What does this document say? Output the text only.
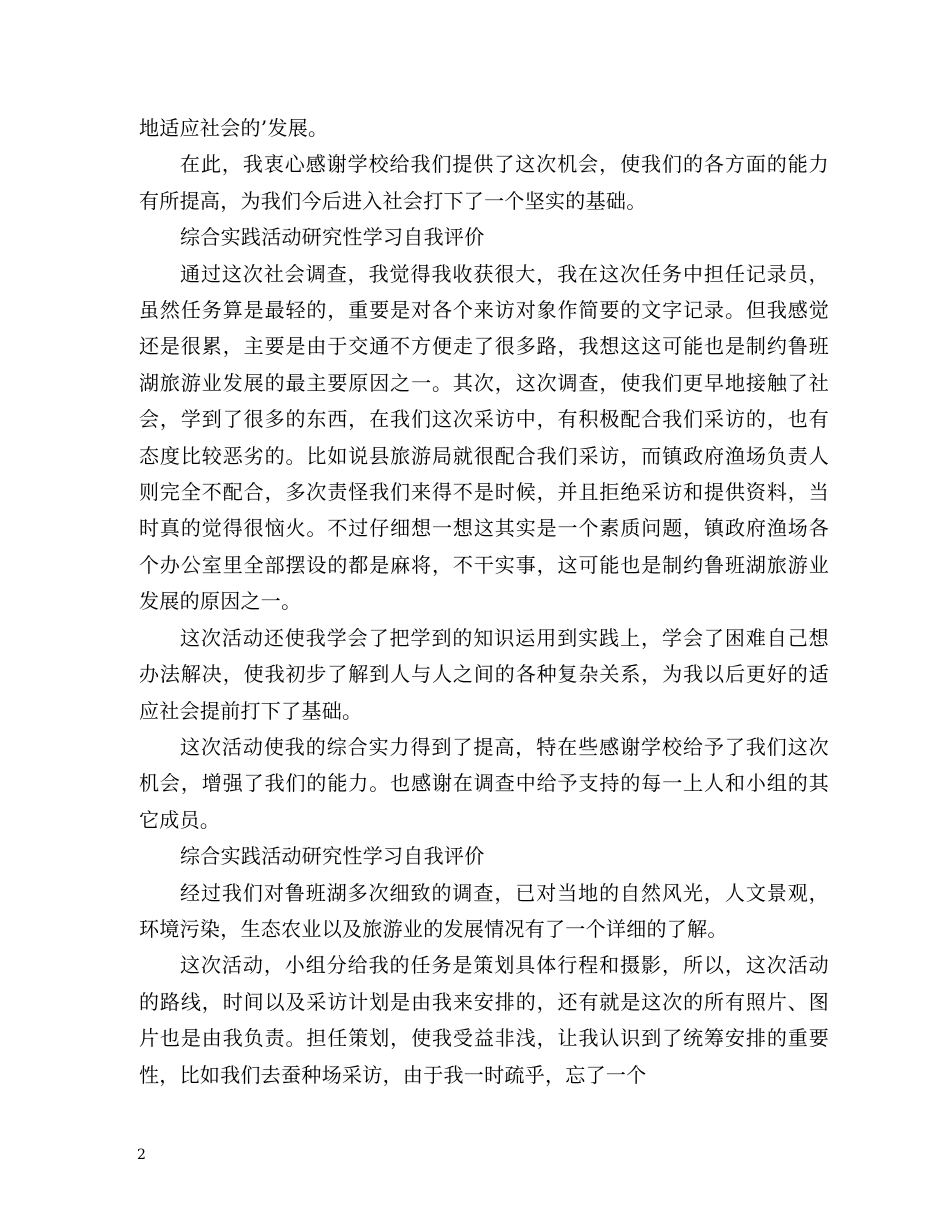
地适应社会的’发展。

在此，我衷心感谢学校给我们提供了这次机会，使我们的各方面的能力有所提高，为我们今后进入社会打下了一个坚实的基础。

综合实践活动研究性学习自我评价

通过这次社会调查，我觉得我收获很大，我在这次任务中担任记录员，虽然任务算是最轻的，重要是对各个来访对象作简要的文字记录。但我感觉还是很累，主要是由于交通不方便走了很多路，我想这这可能也是制约鲁班湖旅游业发展的最主要原因之一。其次，这次调查，使我们更早地接触了社会，学到了很多的东西，在我们这次采访中，有积极配合我们采访的，也有态度比较恶劣的。比如说县旅游局就很配合我们采访，而镇政府渔场负责人则完全不配合，多次责怪我们来得不是时候，并且拒绝采访和提供资料，当时真的觉得很恼火。不过仔细想一想这其实是一个素质问题，镇政府渔场各个办公室里全部摆设的都是麻将，不干实事，这可能也是制约鲁班湖旅游业发展的原因之一。

这次活动还使我学会了把学到的知识运用到实践上，学会了困难自己想办法解决，使我初步了解到人与人之间的各种复杂关系，为我以后更好的适应社会提前打下了基础。

这次活动使我的综合实力得到了提高，特在些感谢学校给予了我们这次机会，增强了我们的能力。也感谢在调查中给予支持的每一上人和小组的其它成员。

综合实践活动研究性学习自我评价

经过我们对鲁班湖多次细致的调查，已对当地的自然风光，人文景观，环境污染，生态农业以及旅游业的发展情况有了一个详细的了解。

这次活动，小组分给我的任务是策划具体行程和摄影，所以，这次活动的路线，时间以及采访计划是由我来安排的，还有就是这次的所有照片、图片也是由我负责。担任策划，使我受益非浅，让我认识到了统筹安排的重要性，比如我们去蚕种场采访，由于我一时疏乎，忘了一个

2
